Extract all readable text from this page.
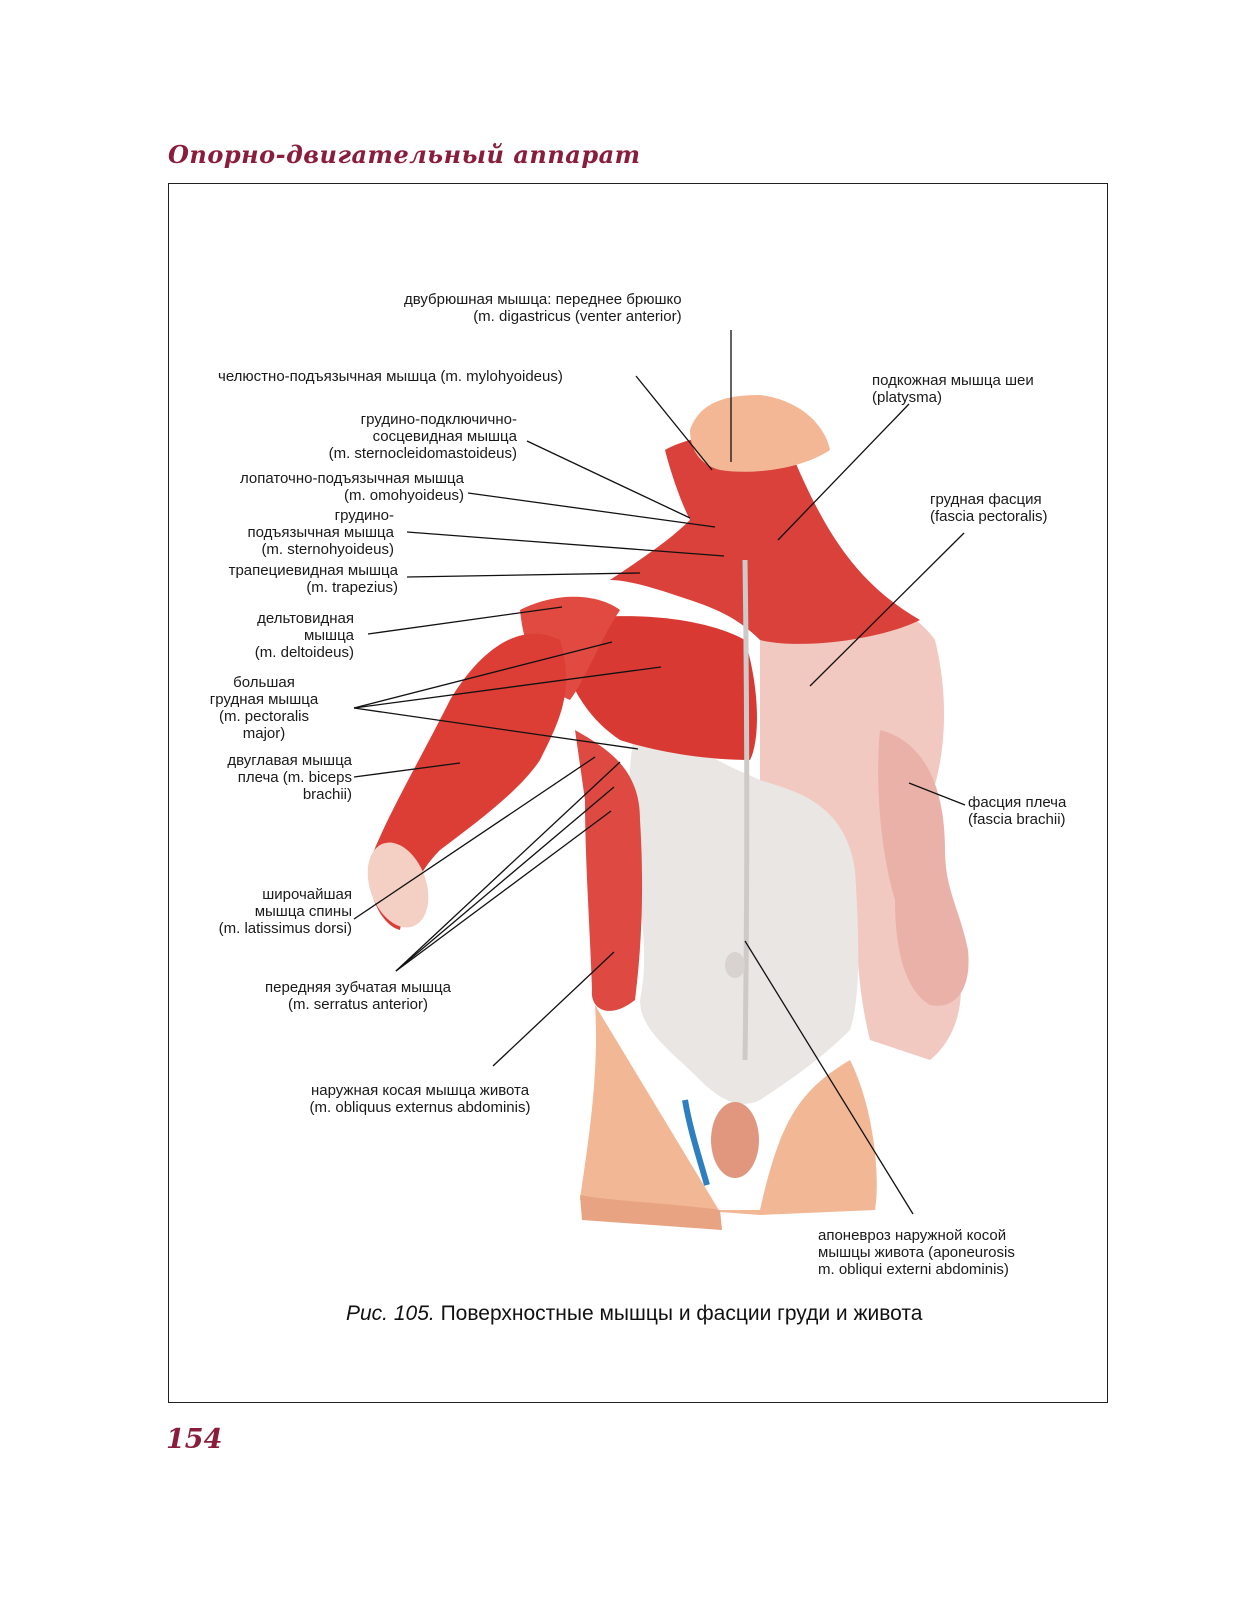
Опорно-двигательный аппарат
двубрюшная мышца: переднее брюшко
(m. digastricus (venter anterior)
челюстно-подъязычная мышца (m. mylohyoideus)
грудино-подключично-
сосцевидная мышца
(m. sternocleidomastoideus)
лопаточно-подъязычная мышца
(m. omohyoideus)
грудино-
подъязычная мышца
(m. sternohyoideus)
трапециевидная мышца
(m. trapezius)
дельтовидная
мышца
(m. deltoideus)
большая
грудная мышца
(m. pectoralis
major)
двуглавая мышца
плеча (m. biceps
brachii)
широчайшая
мышца спины
(m. latissimus dorsi)
передняя зубчатая мышца
(m. serratus anterior)
наружная косая мышца живота
(m. obliquus externus abdominis)
подкожная мышца шеи
(platysma)
грудная фасция
(fascia pectoralis)
фасция плеча
(fascia brachii)
апоневроз наружной косой
мышцы живота (aponeurosis
m. obliqui externi abdominis)
Рис. 105. Поверхностные мышцы и фасции груди и живота
154
